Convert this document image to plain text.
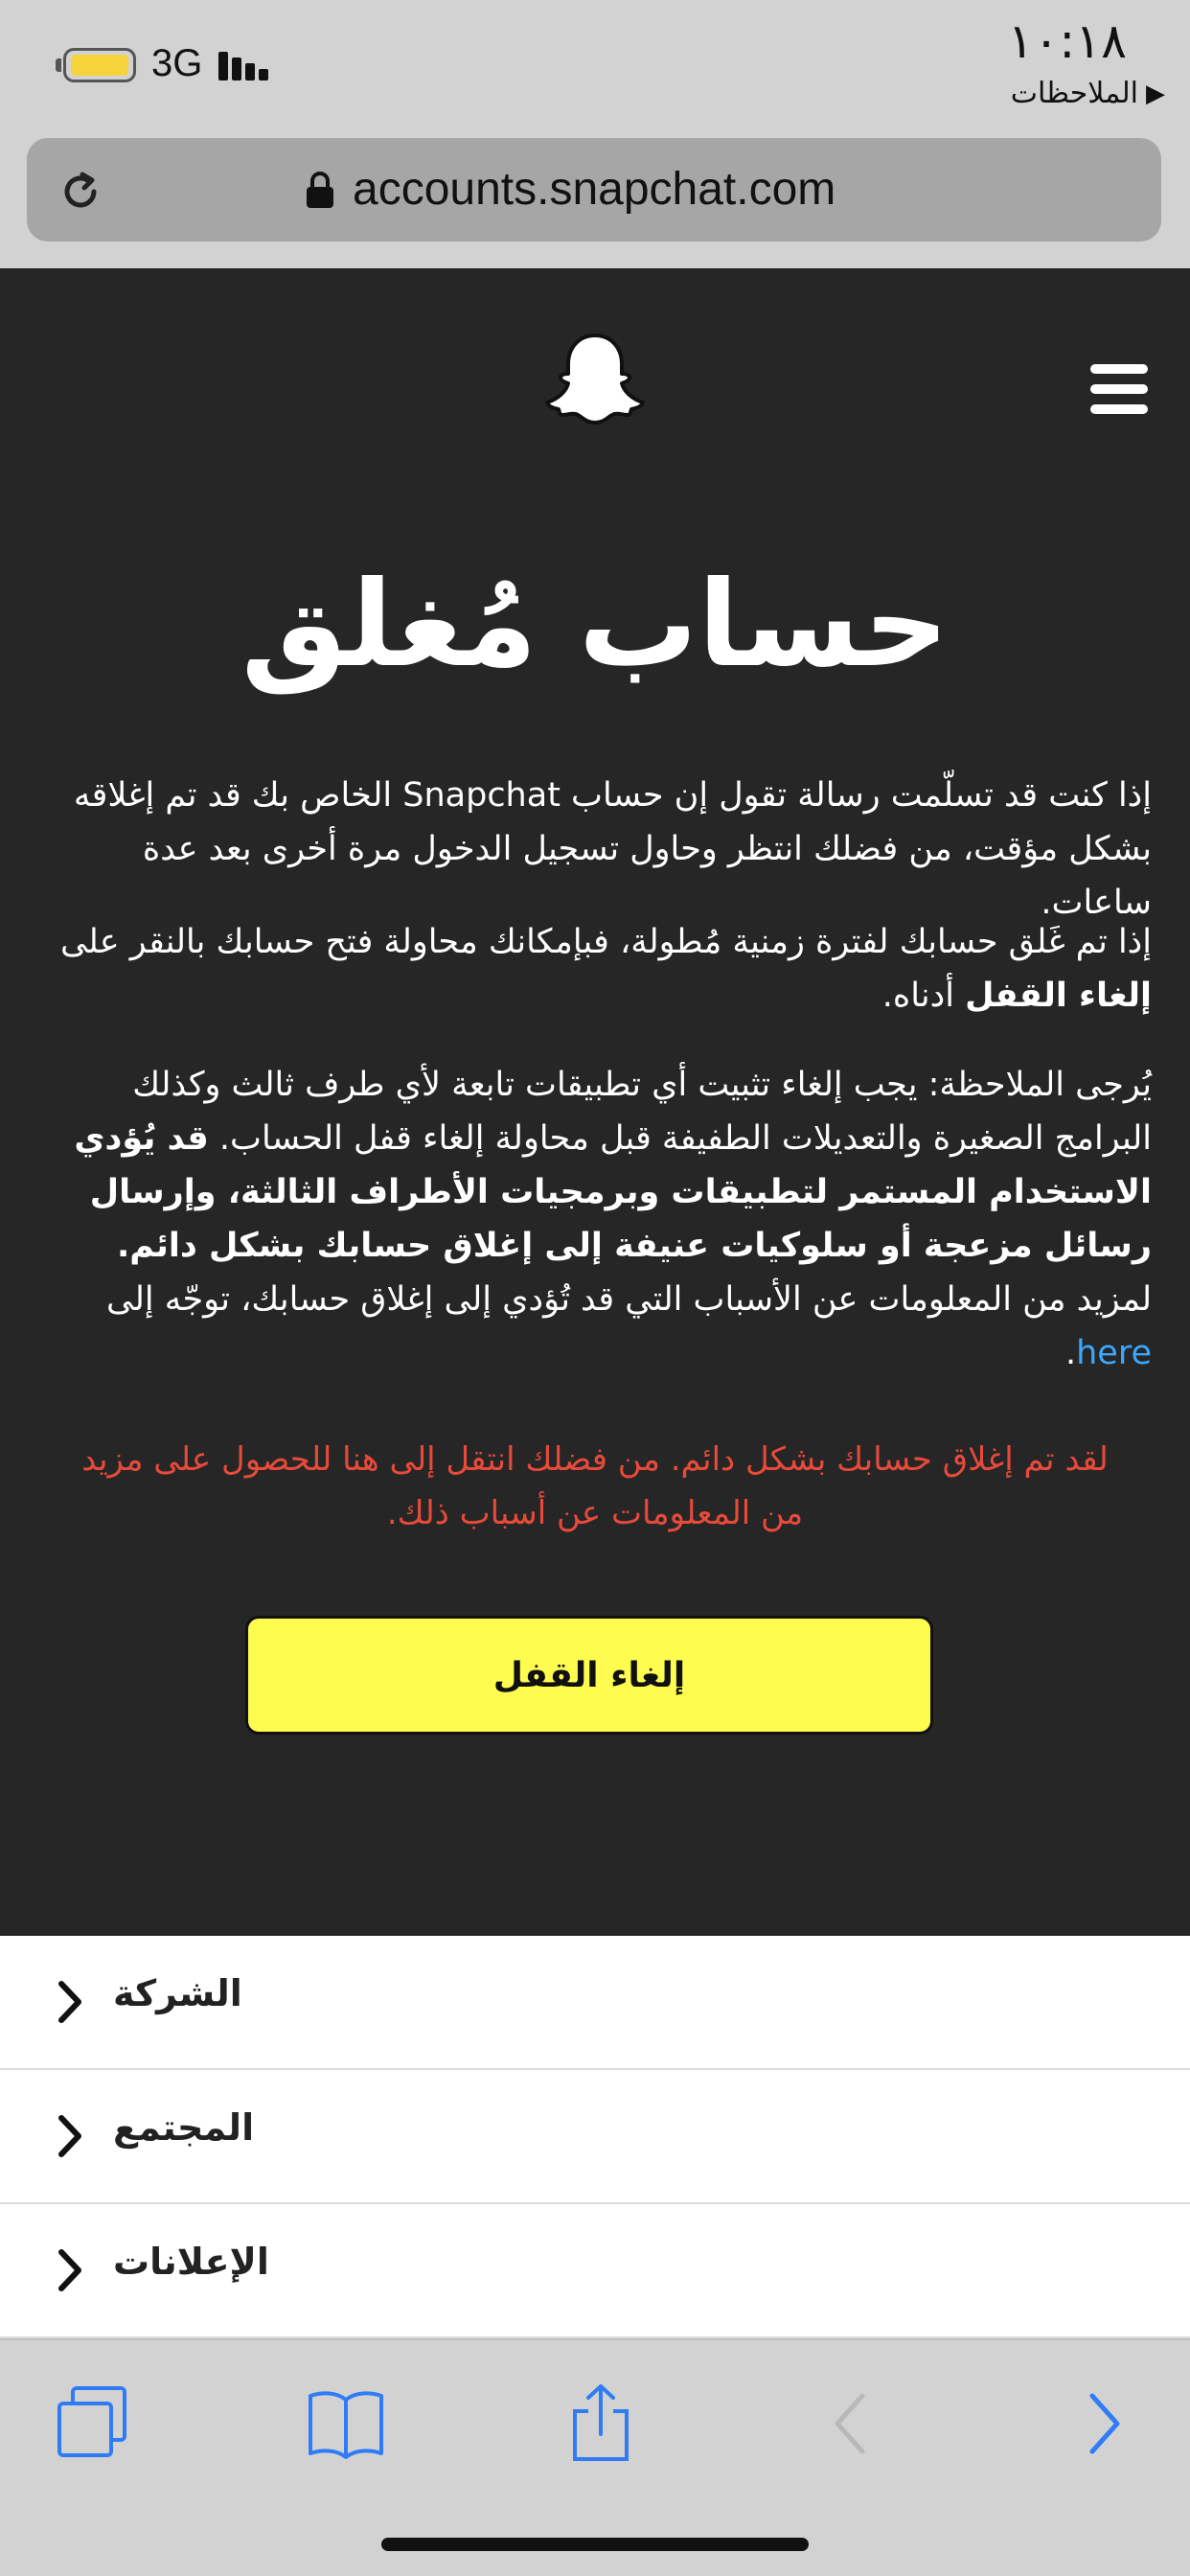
3G	١٠:١٨
▶
الملاحظات
accounts.snapchat.com
حساب مُغلق
إذا كنت قد تسلّمت رسالة تقول إن حساب Snapchat الخاص بك قد تم إغلاقه بشكل مؤقت، من فضلك انتظر وحاول تسجيل الدخول مرة أخرى بعد عدة ساعات.
إذا تم غَلق حسابك لفترة زمنية مُطولة، فبإمكانك محاولة فتح حسابك بالنقر على إلغاء القفل أدناه.
يُرجى الملاحظة: يجب إلغاء تثبيت أي تطبيقات تابعة لأي طرف ثالث وكذلك البرامج الصغيرة والتعديلات الطفيفة قبل محاولة إلغاء قفل الحساب. قد يُؤدي الاستخدام المستمر لتطبيقات وبرمجيات الأطراف الثالثة، وإرسال رسائل مزعجة أو سلوكيات عنيفة إلى إغلاق حسابك بشكل دائم. لمزيد من المعلومات عن الأسباب التي قد تُؤدي إلى إغلاق حسابك، توجّه إلى here.
لقد تم إغلاق حسابك بشكل دائم. من فضلك انتقل إلى هنا للحصول على مزيد من المعلومات عن أسباب ذلك.
إلغاء القفل
الشركة
المجتمع
الإعلانات
